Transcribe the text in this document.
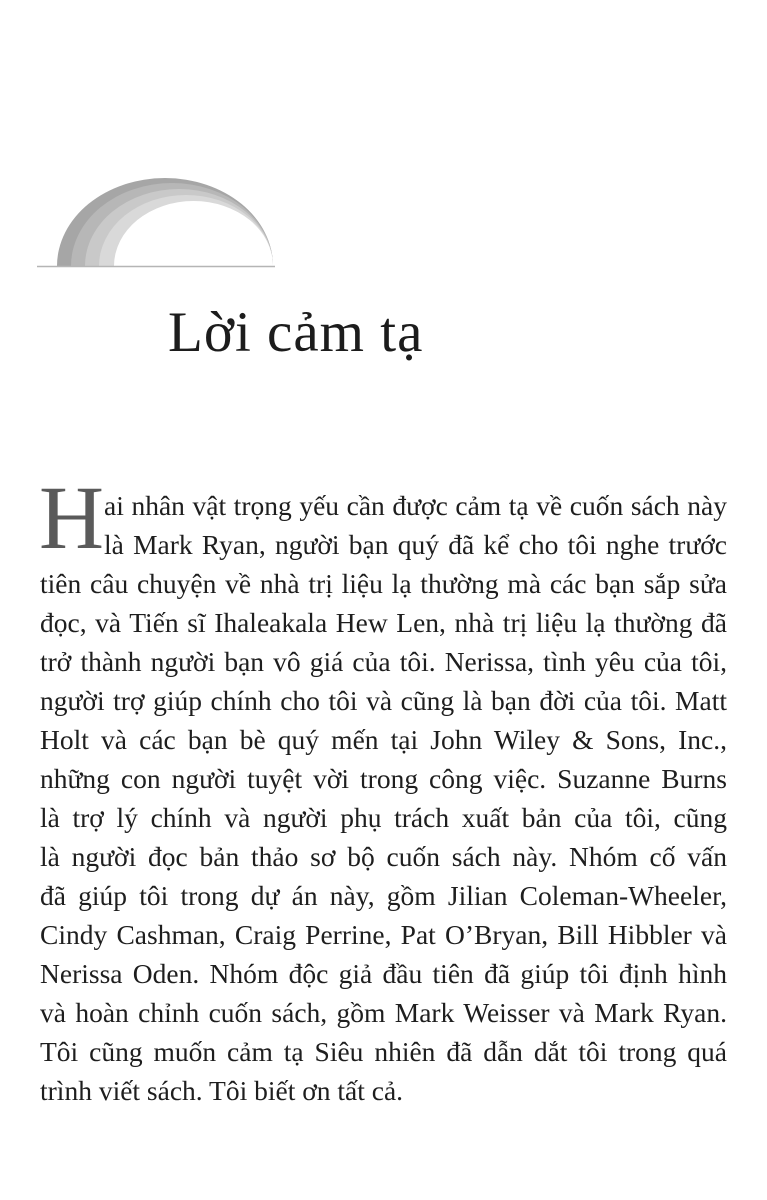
Lời cảm tạ
H ai nhân vật trọng yếu cần được cảm tạ về cuốn sách này
là Mark Ryan, người bạn quý đã kể cho tôi nghe trước
tiên câu chuyện về nhà trị liệu lạ thường mà các bạn sắp sửa
đọc, và Tiến sĩ Ihaleakala Hew Len, nhà trị liệu lạ thường đã
trở thành người bạn vô giá của tôi. Nerissa, tình yêu của tôi,
người trợ giúp chính cho tôi và cũng là bạn đời của tôi. Matt
Holt và các bạn bè quý mến tại John Wiley & Sons, Inc.,
những con người tuyệt vời trong công việc. Suzanne Burns
là trợ lý chính và người phụ trách xuất bản của tôi, cũng
là người đọc bản thảo sơ bộ cuốn sách này. Nhóm cố vấn
đã giúp tôi trong dự án này, gồm Jilian Coleman-Wheeler,
Cindy Cashman, Craig Perrine, Pat O’Bryan, Bill Hibbler và
Nerissa Oden. Nhóm độc giả đầu tiên đã giúp tôi định hình
và hoàn chỉnh cuốn sách, gồm Mark Weisser và Mark Ryan.
Tôi cũng muốn cảm tạ Siêu nhiên đã dẫn dắt tôi trong quá
trình viết sách. Tôi biết ơn tất cả.
